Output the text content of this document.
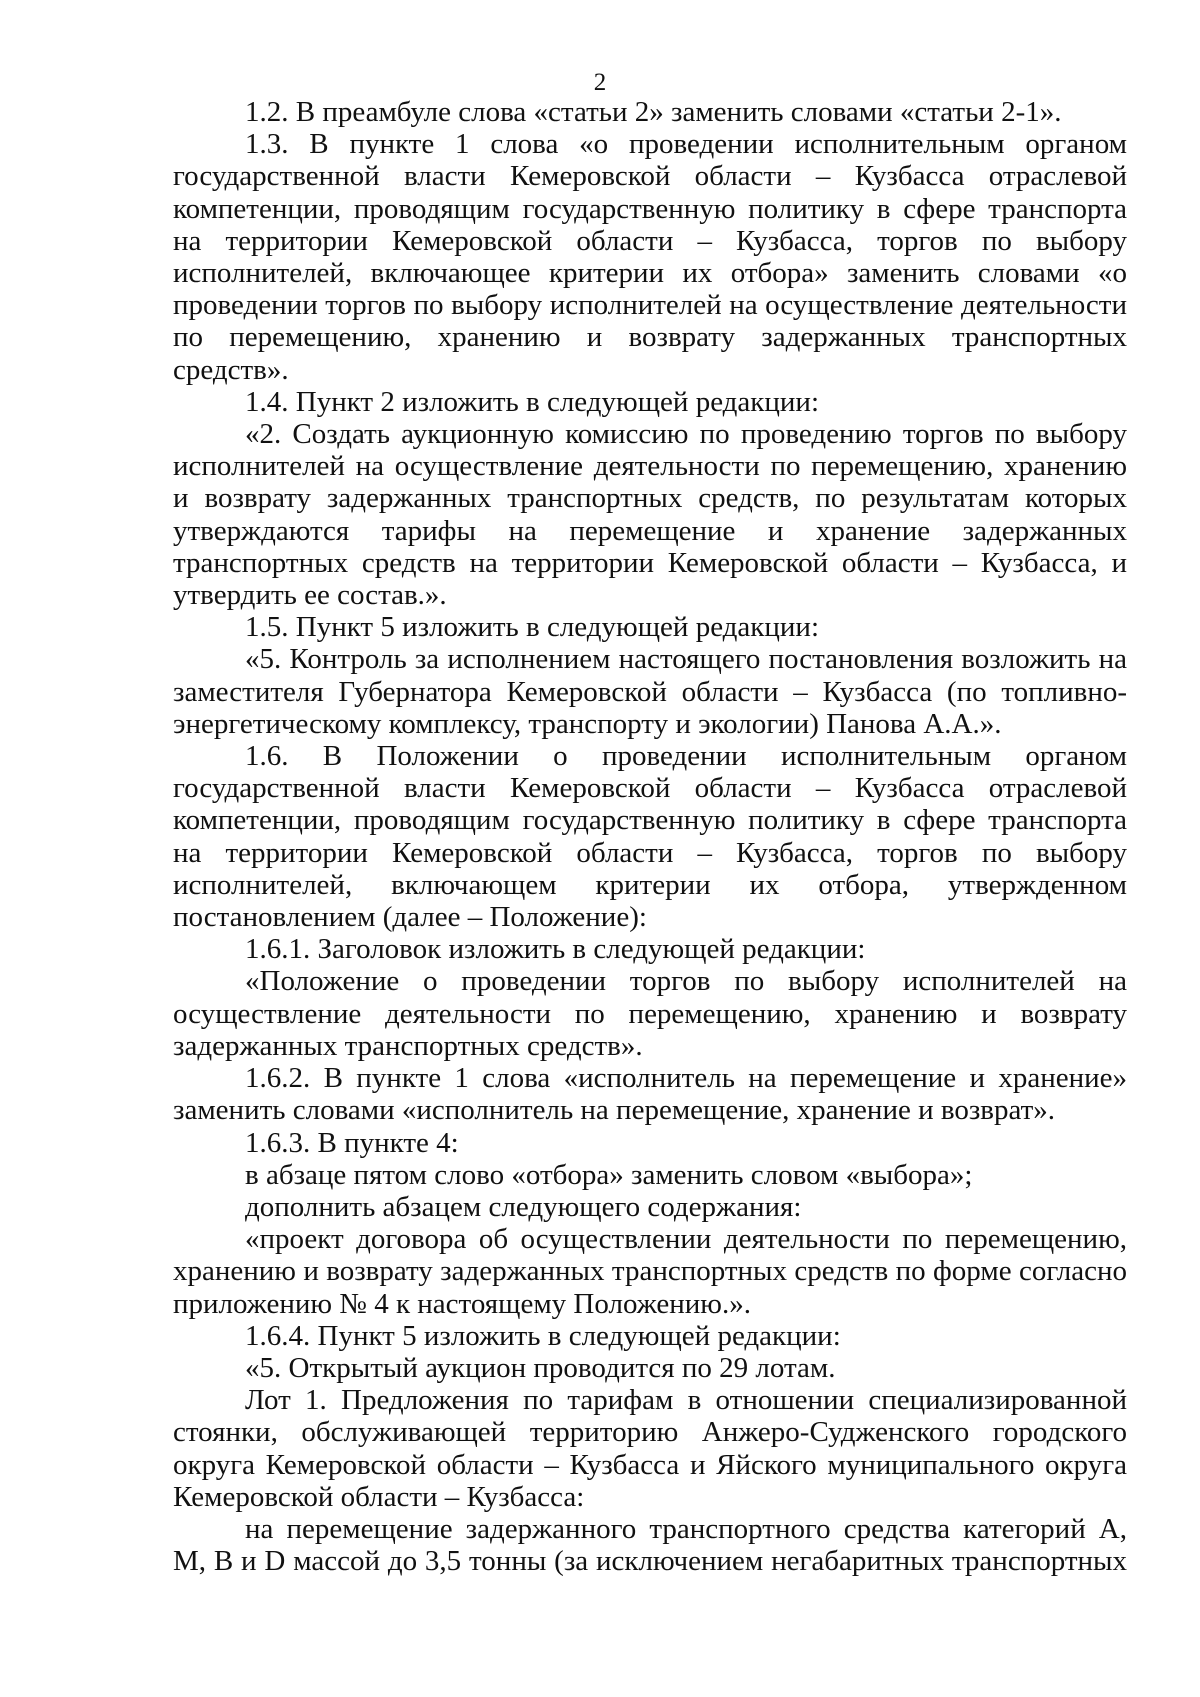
2

1.2. В преамбуле слова «статьи 2» заменить словами «статьи 2-1».

1.3. В пункте 1 слова «о проведении исполнительным органом государственной власти Кемеровской области – Кузбасса отраслевой компетенции, проводящим государственную политику в сфере транспорта на территории Кемеровской области – Кузбасса, торгов по выбору исполнителей, включающее критерии их отбора» заменить словами «о проведении торгов по выбору исполнителей на осуществление деятельности по перемещению, хранению и возврату задержанных транспортных средств».

1.4. Пункт 2 изложить в следующей редакции:

«2. Создать аукционную комиссию по проведению торгов по выбору исполнителей на осуществление деятельности по перемещению, хранению и возврату задержанных транспортных средств, по результатам которых утверждаются тарифы на перемещение и хранение задержанных транспортных средств на территории Кемеровской области – Кузбасса, и утвердить ее состав.».

1.5. Пункт 5 изложить в следующей редакции:

«5. Контроль за исполнением настоящего постановления возложить на заместителя Губернатора Кемеровской области – Кузбасса (по топливно-энергетическому комплексу, транспорту и экологии) Панова А.А.».

1.6. В Положении о проведении исполнительным органом государственной власти Кемеровской области – Кузбасса отраслевой компетенции, проводящим государственную политику в сфере транспорта на территории Кемеровской области – Кузбасса, торгов по выбору исполнителей, включающем критерии их отбора, утвержденном постановлением (далее – Положение):

1.6.1. Заголовок изложить в следующей редакции:

«Положение о проведении торгов по выбору исполнителей на осуществление деятельности по перемещению, хранению и возврату задержанных транспортных средств».

1.6.2. В пункте 1 слова «исполнитель на перемещение и хранение» заменить словами «исполнитель на перемещение, хранение и возврат».

1.6.3. В пункте 4:

в абзаце пятом слово «отбора» заменить словом «выбора»;

дополнить абзацем следующего содержания:

«проект договора об осуществлении деятельности по перемещению, хранению и возврату задержанных транспортных средств по форме согласно приложению № 4 к настоящему Положению.».

1.6.4. Пункт 5 изложить в следующей редакции:

«5. Открытый аукцион проводится по 29 лотам.

Лот 1. Предложения по тарифам в отношении специализированной стоянки, обслуживающей территорию Анжеро-Судженского городского округа Кемеровской области – Кузбасса и Яйского муниципального округа Кемеровской области – Кузбасса:

на перемещение задержанного транспортного средства категорий A, M, B и D массой до 3,5 тонны (за исключением негабаритных транспортных
